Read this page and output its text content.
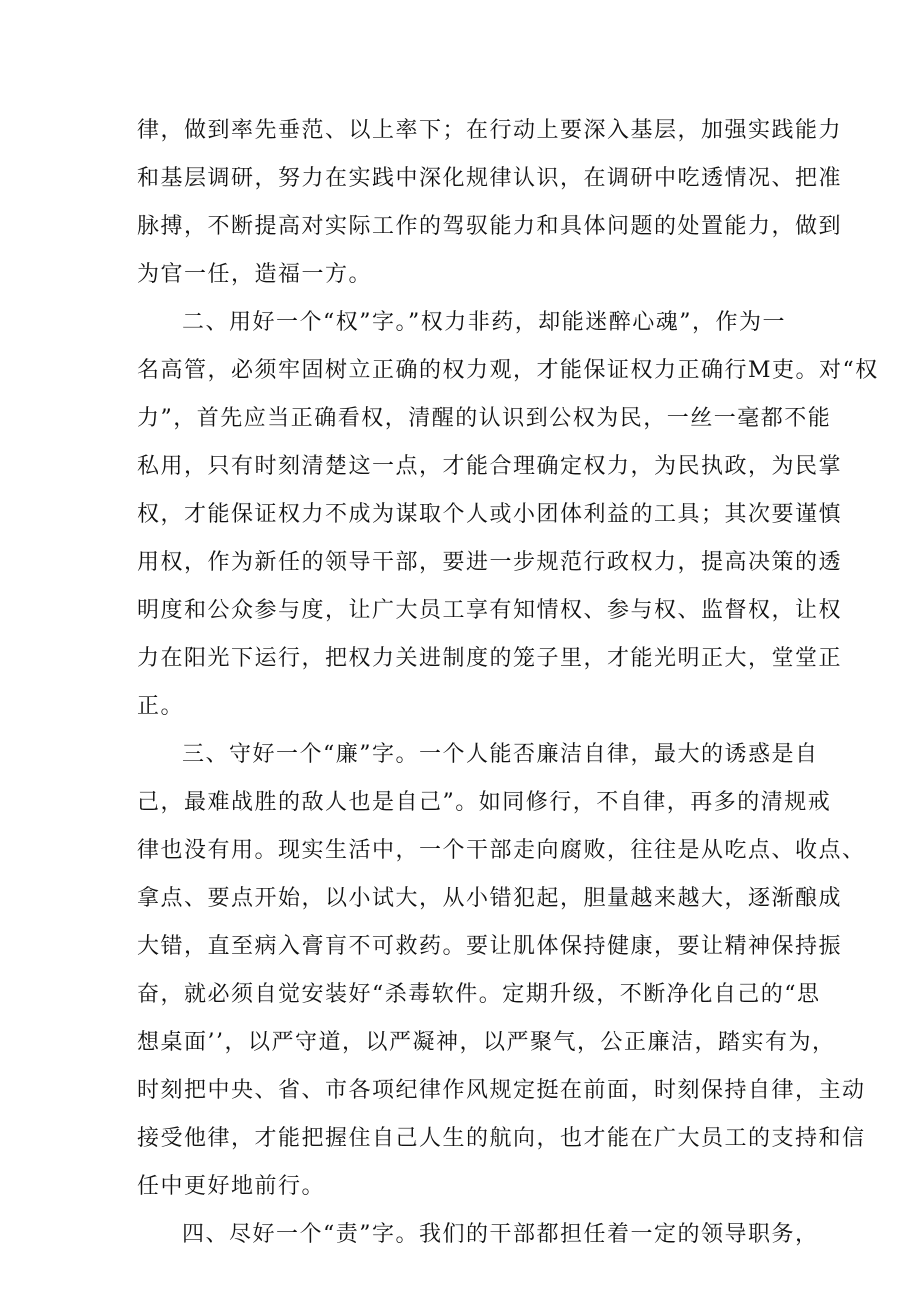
律，做到率先垂范、以上率下；在行动上要深入基层，加强实践能力
和基层调研，努力在实践中深化规律认识，在调研中吃透情况、把准
脉搏，不断提高对实际工作的驾驭能力和具体问题的处置能力，做到
为官一任，造福一方。
二、用好一个“权”字。”权力非药，却能迷醉心魂”，作为一
名高管，必须牢固树立正确的权力观，才能保证权力正确行M吏。对“权
力”，首先应当正确看权，清醒的认识到公权为民，一丝一毫都不能
私用，只有时刻清楚这一点，才能合理确定权力，为民执政，为民掌
权，才能保证权力不成为谋取个人或小团体利益的工具；其次要谨慎
用权，作为新任的领导干部，要进一步规范行政权力，提高决策的透
明度和公众参与度，让广大员工享有知情权、参与权、监督权，让权
力在阳光下运行，把权力关进制度的笼子里，才能光明正大，堂堂正
正。
三、守好一个“廉”字。一个人能否廉洁自律，最大的诱惑是自
己，最难战胜的敌人也是自己”。如同修行，不自律，再多的清规戒
律也没有用。现实生活中，一个干部走向腐败，往往是从吃点、收点、
拿点、要点开始，以小试大，从小错犯起，胆量越来越大，逐渐酿成
大错，直至病入膏肓不可救药。要让肌体保持健康，要让精神保持振
奋，就必须自觉安装好“杀毒软件。定期升级，不断净化自己的“思
想桌面’’，以严守道，以严凝神，以严聚气，公正廉洁，踏实有为，
时刻把中央、省、市各项纪律作风规定挺在前面，时刻保持自律，主动
接受他律，才能把握住自己人生的航向，也才能在广大员工的支持和信
任中更好地前行。
四、尽好一个“责”字。我们的干部都担任着一定的领导职务，
